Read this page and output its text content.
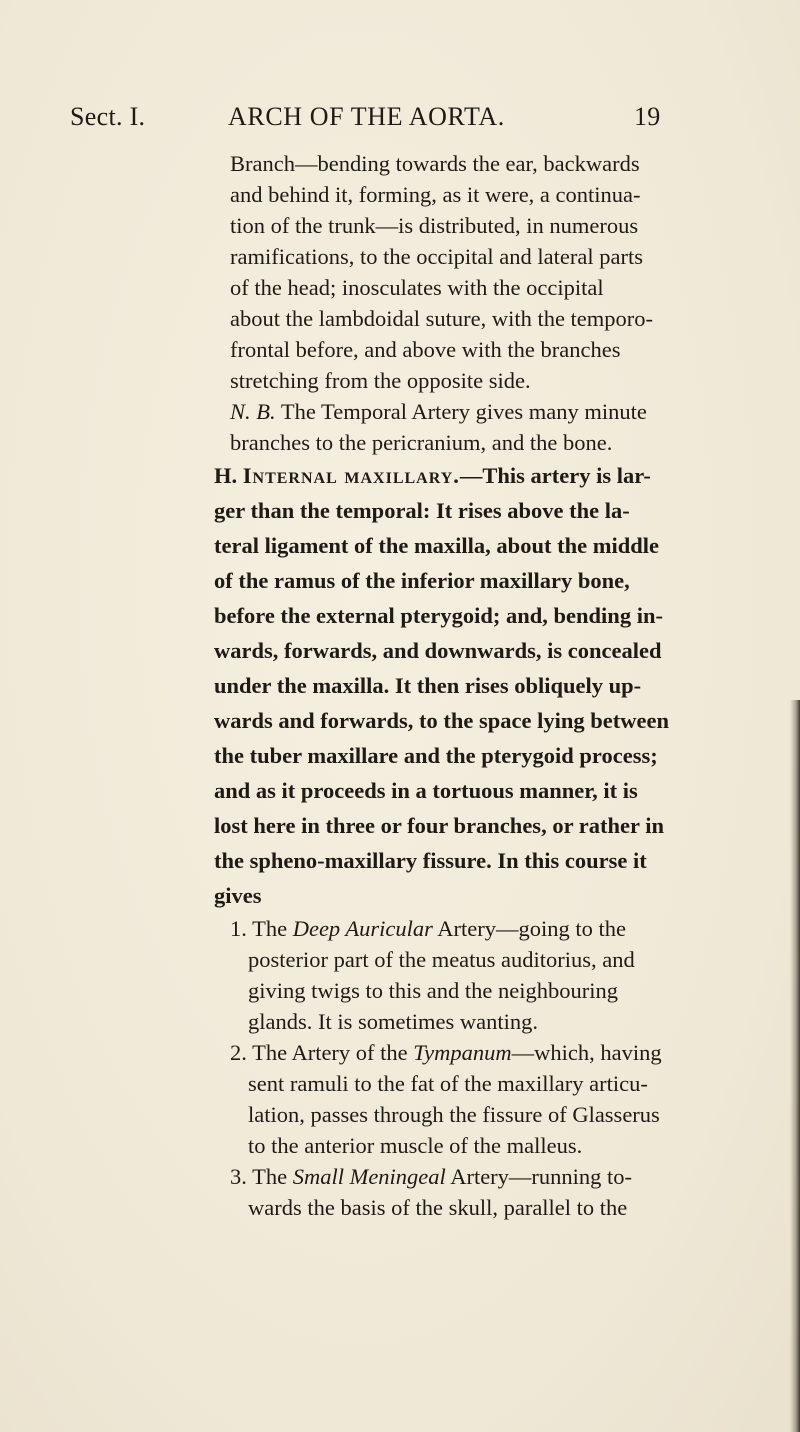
Sect. I.	ARCH OF THE AORTA.	19
Branch—bending towards the ear, backwards
and behind it, forming, as it were, a continua-
tion of the trunk—is distributed, in numerous
ramifications, to the occipital and lateral parts
of the head; inosculates with the occipital
about the lambdoidal suture, with the temporo-
frontal before, and above with the branches
stretching from the opposite side.
N. B. The Temporal Artery gives many minute
branches to the pericranium, and the bone.
H. Internal maxillary.—This artery is lar-
ger than the temporal: It rises above the la-
teral ligament of the maxilla, about the middle
of the ramus of the inferior maxillary bone,
before the external pterygoid; and, bending in-
wards, forwards, and downwards, is concealed
under the maxilla. It then rises obliquely up-
wards and forwards, to the space lying between
the tuber maxillare and the pterygoid process;
and as it proceeds in a tortuous manner, it is
lost here in three or four branches, or rather in
the spheno-maxillary fissure. In this course it
gives
1. The Deep Auricular Artery—going to the
posterior part of the meatus auditorius, and
giving twigs to this and the neighbouring
glands. It is sometimes wanting.
2. The Artery of the Tympanum—which, having
sent ramuli to the fat of the maxillary articu-
lation, passes through the fissure of Glasserus
to the anterior muscle of the malleus.
3. The Small Meningeal Artery—running to-
wards the basis of the skull, parallel to the
